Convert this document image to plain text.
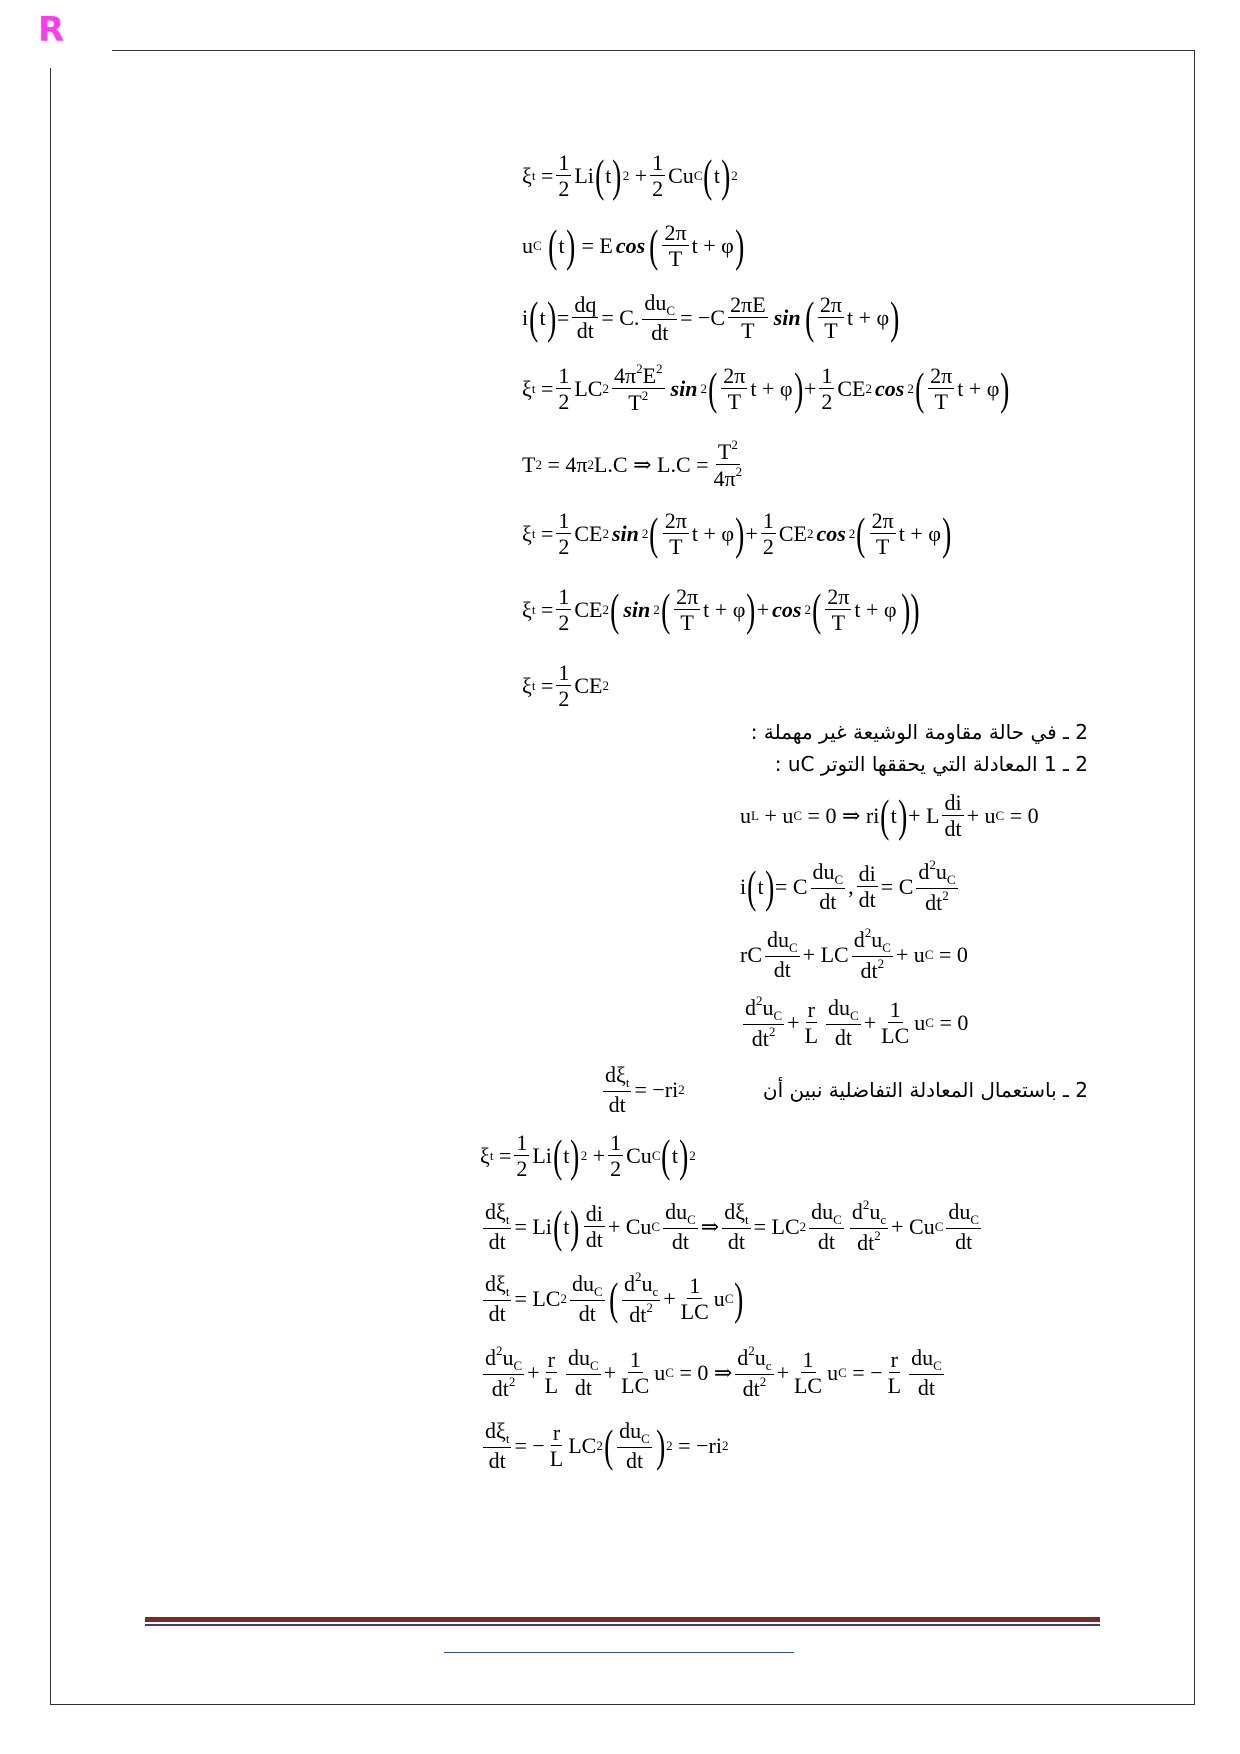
R
ξ $t = \frac{1}{2}$ Li ( t ) $2 + \frac{1}{2}$ Cu C ( t ) 2
u C
( t ) = E cos ( $\frac{2\pi}{T}$ t + φ )
i ( t ) = $\frac{dq}{dt} = C$. $\frac{du_C}{dt} = -C \frac{2\pi E}{T}$ sin ( $\frac{2\pi}{T}$ t + φ )
ξ $t = \frac{1}{2}$ LC $2 \frac{4\pi^2E^2}{T^2}$ sin 2 ( $\frac{2\pi}{T}$ t + φ ) + $\frac{1}{2}$ CE 2 cos 2 ( $\frac{2\pi}{T}$ t + φ )
T 2 = 4π 2 L.C ⇒ $L.C = \frac{T^2}{4\pi^2}$
ξ $t = \frac{1}{2}$ CE 2 sin 2 ( $\frac{2\pi}{T}$ t + φ ) + $\frac{1}{2}$ CE 2 cos 2 ( $\frac{2\pi}{T}$ t + φ )
ξ $t = \frac{1}{2}$ CE 2 ( sin 2 ( $\frac{2\pi}{T}$ t + φ ) + cos 2 ( $\frac{2\pi}{T}$ t + φ ))
ξ $t = \frac{1}{2}$ CE 2
2 ـ في حالة مقاومة الوشيعة غير مهملة :
2 ـ 1 المعادلة التي يحققها التوتر uC :
u L + u C = 0 ⇒ ri ( t ) + L $\frac{di}{dt} + u$ C = 0
i ( t ) = C $\frac{du_C}{dt}$ , $\frac{di}{dt} = C \frac{d^2u_C}{dt^2}$
rC $\frac{du_C}{dt}$ + LC $\frac{d^2u_C}{dt^2} + u$ C = 0
$\frac{d^2u_C}{dt^2} + \frac{r}{L} \frac{du_C}{dt} + \frac{1}{LC}$ u C = 0
$\frac{d\xi_t}{dt} = -ri$ 2	2 ـ باستعمال المعادلة التفاضلية نبين أن
ξ $t = \frac{1}{2}$ Li ( t ) $2 + \frac{1}{2}$ Cu C ( t ) 2
$\frac{d\xi_t}{dt} = Li$ ( t ) $\frac{di}{dt} + Cu$ C $\frac{du_C}{dt}$ ⇒ $\frac{d\xi_t}{dt}$ = LC $2 \frac{du_C}{dt} \frac{d^2u_c}{dt^2} + Cu$ C $\frac{du_C}{dt}$
$\frac{d\xi_t}{dt}$ = LC $2 \frac{du_C}{dt}$ ( $\frac{d^2u_c}{dt^2} + \frac{1}{LC}$ u C )
$\frac{d^2u_C}{dt^2} + \frac{r}{L} \frac{du_C}{dt} + \frac{1}{LC}$ u C = 0 ⇒ $\frac{d^2u_c}{dt^2} + \frac{1}{LC}$ u C = − $\frac{r}{L} \frac{du_C}{dt}$
$\frac{d\xi_t}{dt}$ = − $\frac{r}{L}$ LC 2 ( $\frac{du_C}{dt}$ ) 2 = −ri 2
